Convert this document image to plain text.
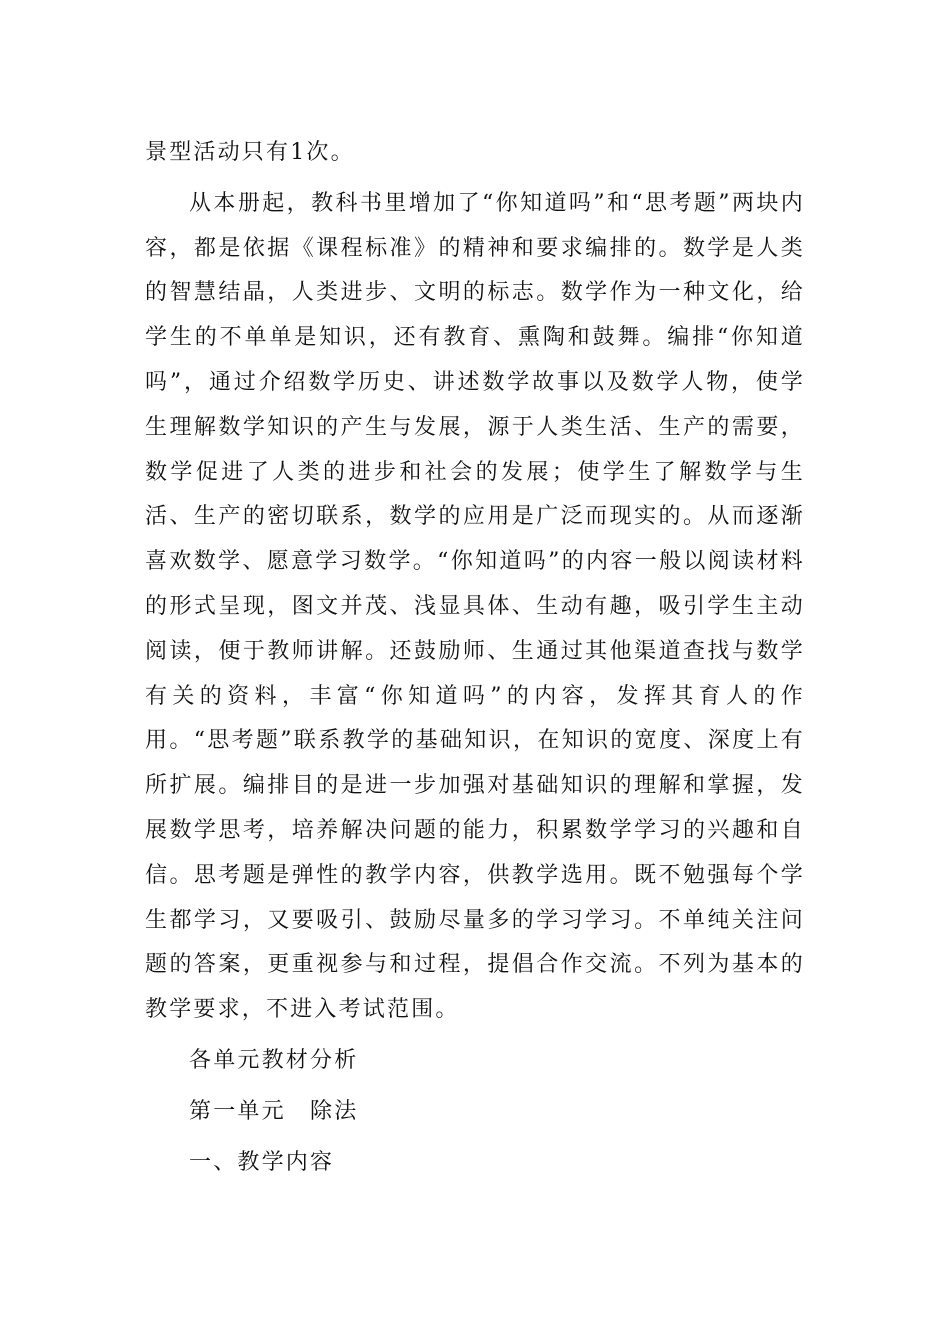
景型活动只有1次。

从本册起，教科书里增加了“你知道吗”和“思考题”两块内容，都是依据《课程标准》的精神和要求编排的。数学是人类的智慧结晶，人类进步、文明的标志。数学作为一种文化，给学生的不单单是知识，还有教育、熏陶和鼓舞。编排“你知道吗”，通过介绍数学历史、讲述数学故事以及数学人物，使学生理解数学知识的产生与发展，源于人类生活、生产的需要，数学促进了人类的进步和社会的发展；使学生了解数学与生活、生产的密切联系，数学的应用是广泛而现实的。从而逐渐喜欢数学、愿意学习数学。“你知道吗”的内容一般以阅读材料的形式呈现，图文并茂、浅显具体、生动有趣，吸引学生主动阅读，便于教师讲解。还鼓励师、生通过其他渠道查找与数学有关的资料，丰富“你知道吗”的内容，发挥其育人的作用。“思考题”联系教学的基础知识，在知识的宽度、深度上有所扩展。编排目的是进一步加强对基础知识的理解和掌握，发展数学思考，培养解决问题的能力，积累数学学习的兴趣和自信。思考题是弹性的教学内容，供教学选用。既不勉强每个学生都学习，又要吸引、鼓励尽量多的学习学习。不单纯关注问题的答案，更重视参与和过程，提倡合作交流。不列为基本的教学要求，不进入考试范围。

各单元教材分析

第一单元　除法

一、教学内容
